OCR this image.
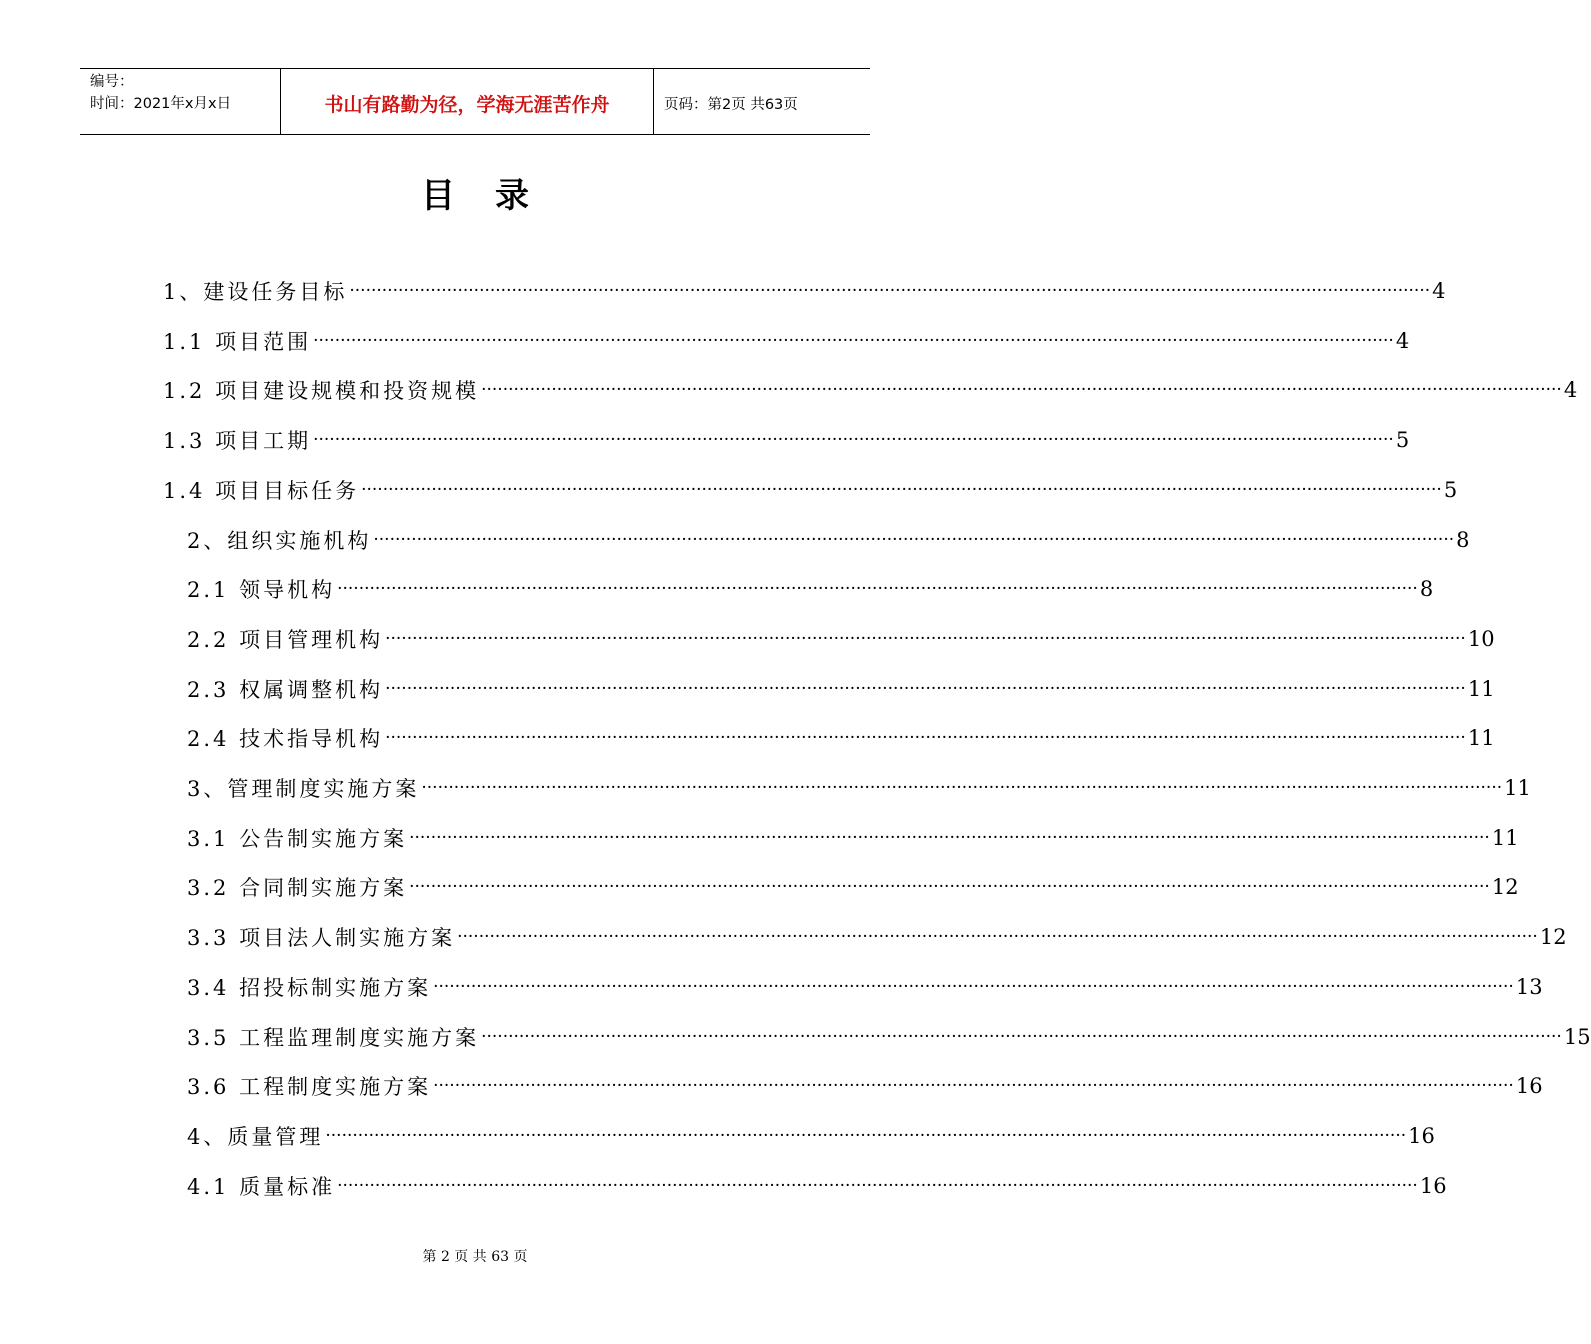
编号：
时间：2021年x月x日	书山有路勤为径，学海无涯苦作舟	页码：第2页 共63页
目录
1、建设任务目标 ········································································································································································································ 4
1.1 项目范围 ········································································································································································································ 4
1.2 项目建设规模和投资规模 ········································································································································································································ 4
1.3 项目工期 ········································································································································································································ 5
1.4 项目目标任务 ········································································································································································································ 5
2、组织实施机构 ········································································································································································································ 8
2.1 领导机构 ········································································································································································································ 8
2.2 项目管理机构 ········································································································································································································ 10
2.3 权属调整机构 ········································································································································································································ 11
2.4 技术指导机构 ········································································································································································································ 11
3、管理制度实施方案 ········································································································································································································ 11
3.1 公告制实施方案 ········································································································································································································ 11
3.2 合同制实施方案 ········································································································································································································ 12
3.3 项目法人制实施方案 ········································································································································································································ 12
3.4 招投标制实施方案 ········································································································································································································ 13
3.5 工程监理制度实施方案 ········································································································································································································ 15
3.6 工程制度实施方案 ········································································································································································································ 16
4、质量管理 ········································································································································································································ 16
4.1 质量标准 ········································································································································································································ 16
第 2 页 共 63 页
